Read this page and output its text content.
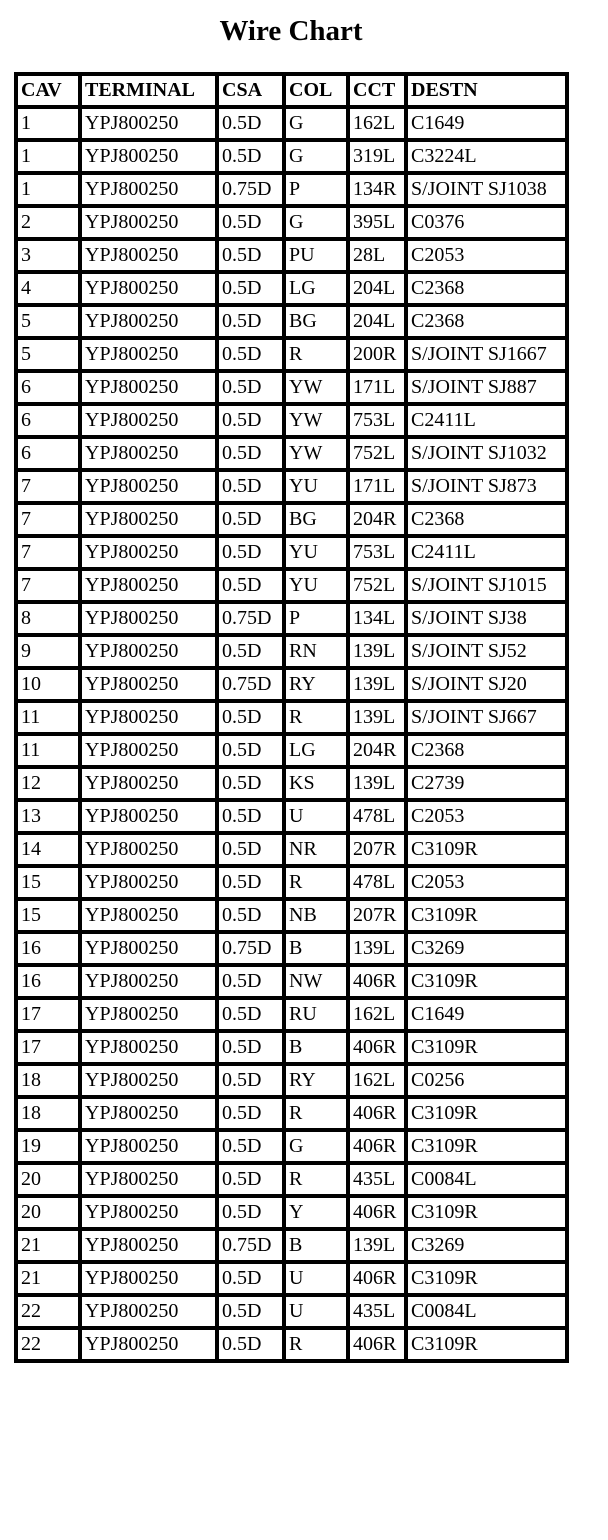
Wire Chart
CAV	TERMINAL	CSA	COL	CCT	DESTN
1	YPJ800250	0.5D	G	162L	C1649
1	YPJ800250	0.5D	G	319L	C3224L
1	YPJ800250	0.75D	P	134R	S/JOINT SJ1038
2	YPJ800250	0.5D	G	395L	C0376
3	YPJ800250	0.5D	PU	28L	C2053
4	YPJ800250	0.5D	LG	204L	C2368
5	YPJ800250	0.5D	BG	204L	C2368
5	YPJ800250	0.5D	R	200R	S/JOINT SJ1667
6	YPJ800250	0.5D	YW	171L	S/JOINT SJ887
6	YPJ800250	0.5D	YW	753L	C2411L
6	YPJ800250	0.5D	YW	752L	S/JOINT SJ1032
7	YPJ800250	0.5D	YU	171L	S/JOINT SJ873
7	YPJ800250	0.5D	BG	204R	C2368
7	YPJ800250	0.5D	YU	753L	C2411L
7	YPJ800250	0.5D	YU	752L	S/JOINT SJ1015
8	YPJ800250	0.75D	P	134L	S/JOINT SJ38
9	YPJ800250	0.5D	RN	139L	S/JOINT SJ52
10	YPJ800250	0.75D	RY	139L	S/JOINT SJ20
11	YPJ800250	0.5D	R	139L	S/JOINT SJ667
11	YPJ800250	0.5D	LG	204R	C2368
12	YPJ800250	0.5D	KS	139L	C2739
13	YPJ800250	0.5D	U	478L	C2053
14	YPJ800250	0.5D	NR	207R	C3109R
15	YPJ800250	0.5D	R	478L	C2053
15	YPJ800250	0.5D	NB	207R	C3109R
16	YPJ800250	0.75D	B	139L	C3269
16	YPJ800250	0.5D	NW	406R	C3109R
17	YPJ800250	0.5D	RU	162L	C1649
17	YPJ800250	0.5D	B	406R	C3109R
18	YPJ800250	0.5D	RY	162L	C0256
18	YPJ800250	0.5D	R	406R	C3109R
19	YPJ800250	0.5D	G	406R	C3109R
20	YPJ800250	0.5D	R	435L	C0084L
20	YPJ800250	0.5D	Y	406R	C3109R
21	YPJ800250	0.75D	B	139L	C3269
21	YPJ800250	0.5D	U	406R	C3109R
22	YPJ800250	0.5D	U	435L	C0084L
22	YPJ800250	0.5D	R	406R	C3109R
